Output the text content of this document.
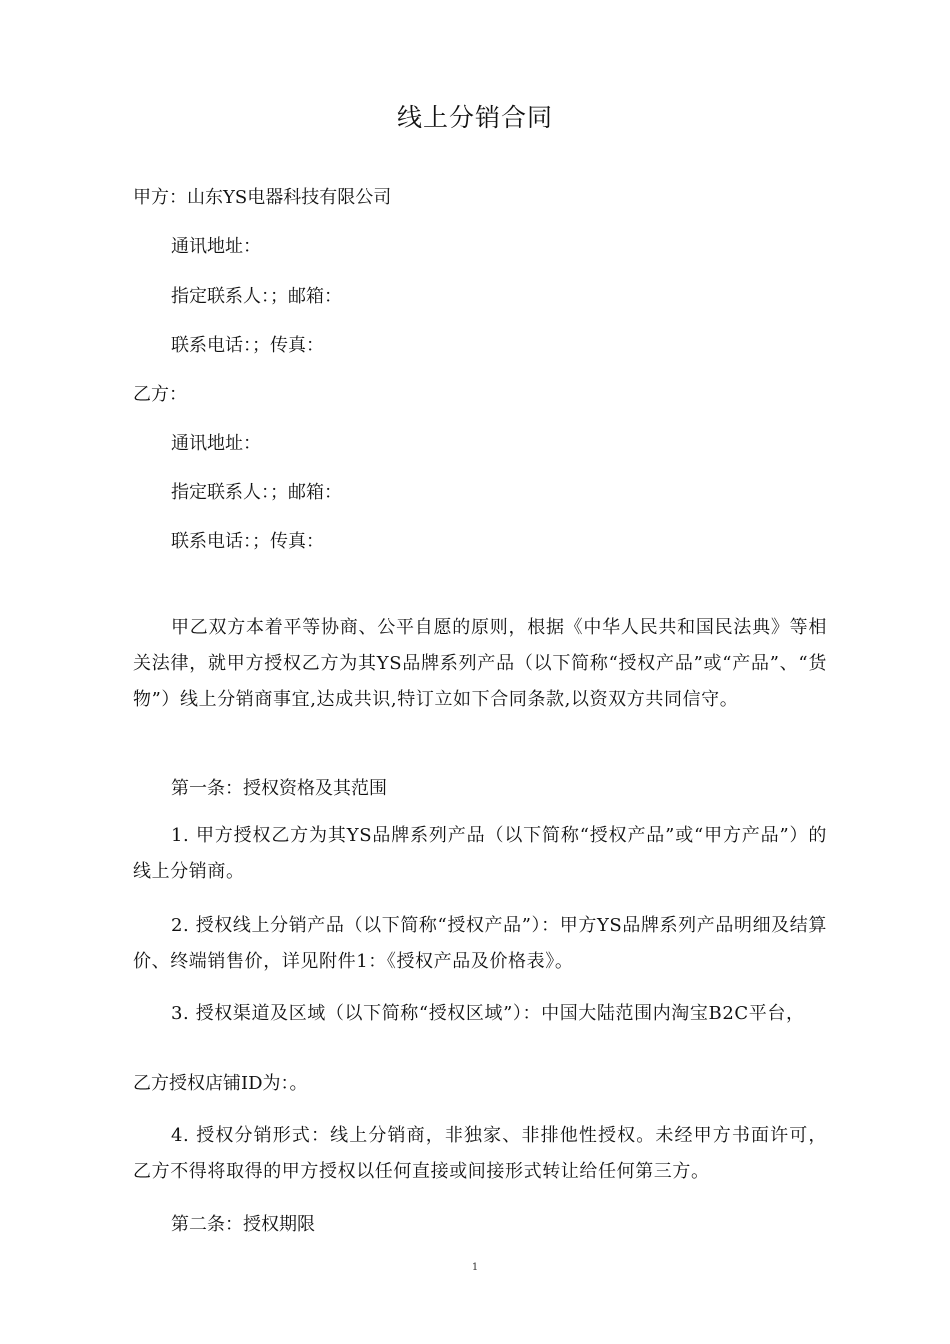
线上分销合同
甲方：山东YS电器科技有限公司
通讯地址：
指定联系人：；邮箱：
联系电话：；传真：
乙方：
通讯地址：
指定联系人：；邮箱：
联系电话：；传真：
甲乙双方本着平等协商、公平自愿的原则，根据《中华人民共和国民法典》等相关法律，就甲方授权乙方为其YS品牌系列产品（以下简称“授权产品”或“产品”、“货物”）线上分销商事宜,达成共识,特订立如下合同条款,以资双方共同信守。
第一条：授权资格及其范围
1. 甲方授权乙方为其YS品牌系列产品（以下简称“授权产品”或“甲方产品”）的线上分销商。
2. 授权线上分销产品（以下简称“授权产品”）：甲方YS品牌系列产品明细及结算价、终端销售价，详见附件1：《授权产品及价格表》。
3. 授权渠道及区域（以下简称“授权区域”）：中国大陆范围内淘宝B2C平台，
乙方授权店铺ID为：。
4. 授权分销形式：线上分销商，非独家、非排他性授权。未经甲方书面许可，乙方不得将取得的甲方授权以任何直接或间接形式转让给任何第三方。
第二条：授权期限
1
